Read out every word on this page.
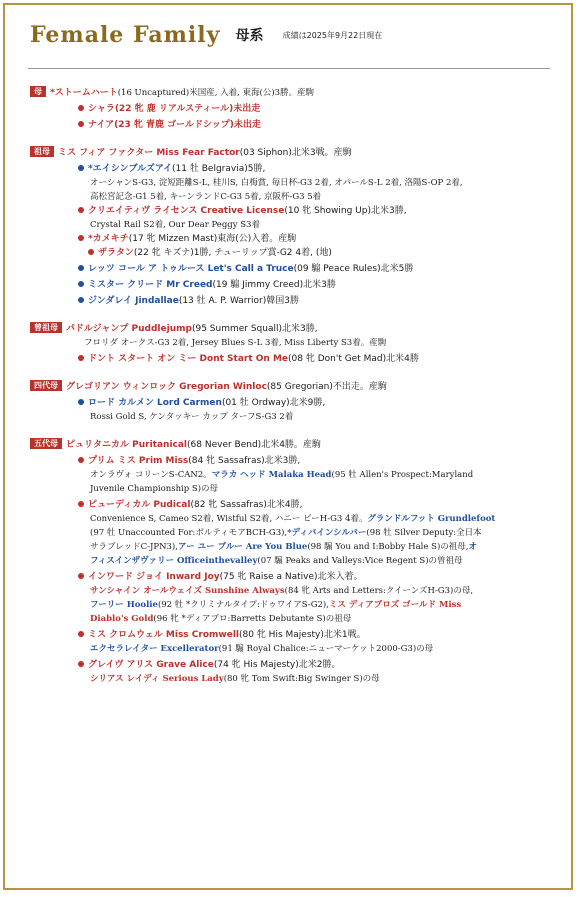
Female Family 母系 成績は2025年9月22日現在
母 *ストームハート(16 Uncaptured)米国産, 入着, 東海(公)3勝。産駒
シャラ(22 牝 鹿 リアルスティール)未出走
ナイア(23 牝 青鹿 ゴールドシップ)未出走
祖母 ミス フィア ファクター Miss Fear Factor(03 Siphon)北米3戦。産駒
*エイシンブルズアイ(11 牡 Belgravia)5勝,
オーシャンS-G3, 淀短距離S-L, 桂川S, 白梅賞, 毎日杯-G3 2着, オパールS-L 2着, 洛陽S-OP 2着,
高松宮記念-G1 5着, キーンランドC-G3 5着, 京阪杯-G3 5着
クリエイティヴ ライセンス Creative License(10 牝 Showing Up)北米3勝,
Crystal Rail S2着, Our Dear Peggy S3着
*カメキチ(17 牝 Mizzen Mast)東海(公)入着。産駒
ザラタン(22 牝 キズナ)1勝, チューリップ賞-G2 4着, (地)
レッツ コール ア トゥルース Let's Call a Truce(09 騸 Peace Rules)北米5勝
ミスター クリード Mr Creed(19 騸 Jimmy Creed)北米3勝
ジンダレイ Jindallae(13 牡 A. P. Warrior)韓国3勝
曾祖母 パドルジャンプ Puddlejump(95 Summer Squall)北米3勝,
フロリダ オークス-G3 2着, Jersey Blues S-L 3着, Miss Liberty S3着。産駒
ドント スタート オン ミー Dont Start On Me(08 牝 Don't Get Mad)北米4勝
四代母 グレゴリアン ウィンロック Gregorian Winloc(85 Gregorian)不出走。産駒
ロード カルメン Lord Carmen(01 牡 Ordway)北米9勝,
Rossi Gold S, ケンタッキー カップ ターフS-G3 2着
五代母 ピュリタニカル Puritanical(68 Never Bend)北米4勝。産駒
プリム ミス Prim Miss(84 牝 Sassafras)北米3勝,
オンラヴォ コリーンS-CAN2。マラカ ヘッド Malaka Head(95 牡 Allen's Prospect:Maryland
Juvenile Championship S)の母
ピューディカル Pudical(82 牝 Sassafras)北米4勝,
Convenience S, Cameo S2着, Wistful S2着, ハニー ビーH-G3 4着。グランドルフット Grundlefoot
(97 牡 Unaccounted For:ボルティモアBCH-G3),*ディバインシルバー(98 牡 Silver Deputy:全日本
サラブレッドC-JPN3),アー ユー ブルー Are You Blue(98 騸 You and I:Bobby Hale S)の祖母,オ
フィスインザヴァリー Officeinthevalley(07 騸 Peaks and Valleys:Vice Regent S)の曽祖母
インワード ジョイ Inward Joy(75 牝 Raise a Native)北米入着。
サンシャイン オールウェイズ Sunshine Always(84 牝 Arts and Letters:クイーンズH-G3)の母,
フーリー Hoolie(92 牡 *クリミナルタイプ:ドゥワイアS-G2),ミス ディアブロズ ゴールド Miss
Diablo's Gold(96 牝 *ディアブロ:Barretts Debutante S)の祖母
ミス クロムウェル Miss Cromwell(80 牝 His Majesty)北米1戦。
エクセラレイター Excellerator(91 騸 Royal Chalice:ニューマーケット2000-G3)の母
グレイヴ アリス Grave Alice(74 牝 His Majesty)北米2勝。
シリアス レイディ Serious Lady(80 牝 Tom Swift:Big Swinger S)の母
